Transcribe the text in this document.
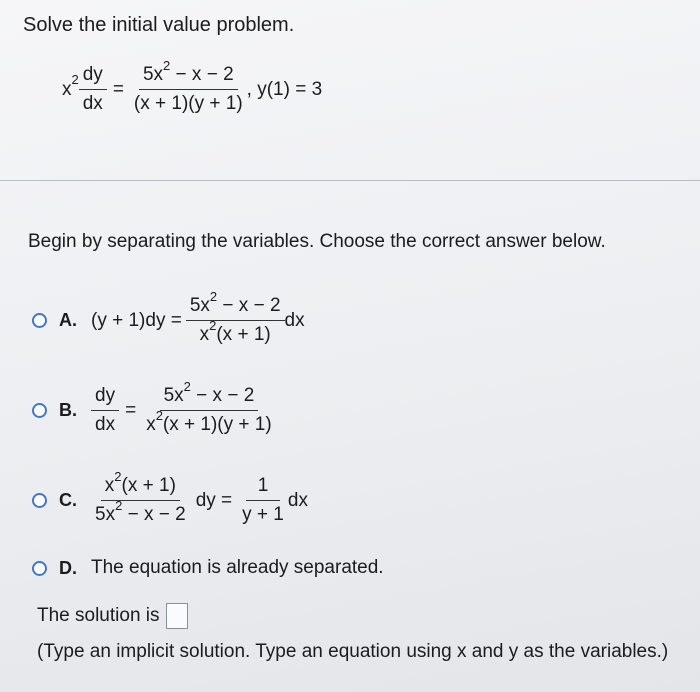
Solve the initial value problem.
$x^2 \frac{dy}{dx} = \frac{5x^2 - x - 2}{(x + 1)(y + 1)}$ , y(1) = 3
Begin by separating the variables. Choose the correct answer below.
A. $(y + 1)dy = \frac{5x^2 - x - 2}{x^2(x + 1)}$ dx
B. $\frac{dy}{dx} = \frac{5x^2 - x - 2}{x^2(x + 1)(y + 1)}$
C. $\frac{x^2(x + 1)}{5x^2 - x - 2}$ dy = $\frac{1}{y + 1}$ dx
D. The equation is already separated.
The solution is
(Type an implicit solution. Type an equation using x and y as the variables.)
